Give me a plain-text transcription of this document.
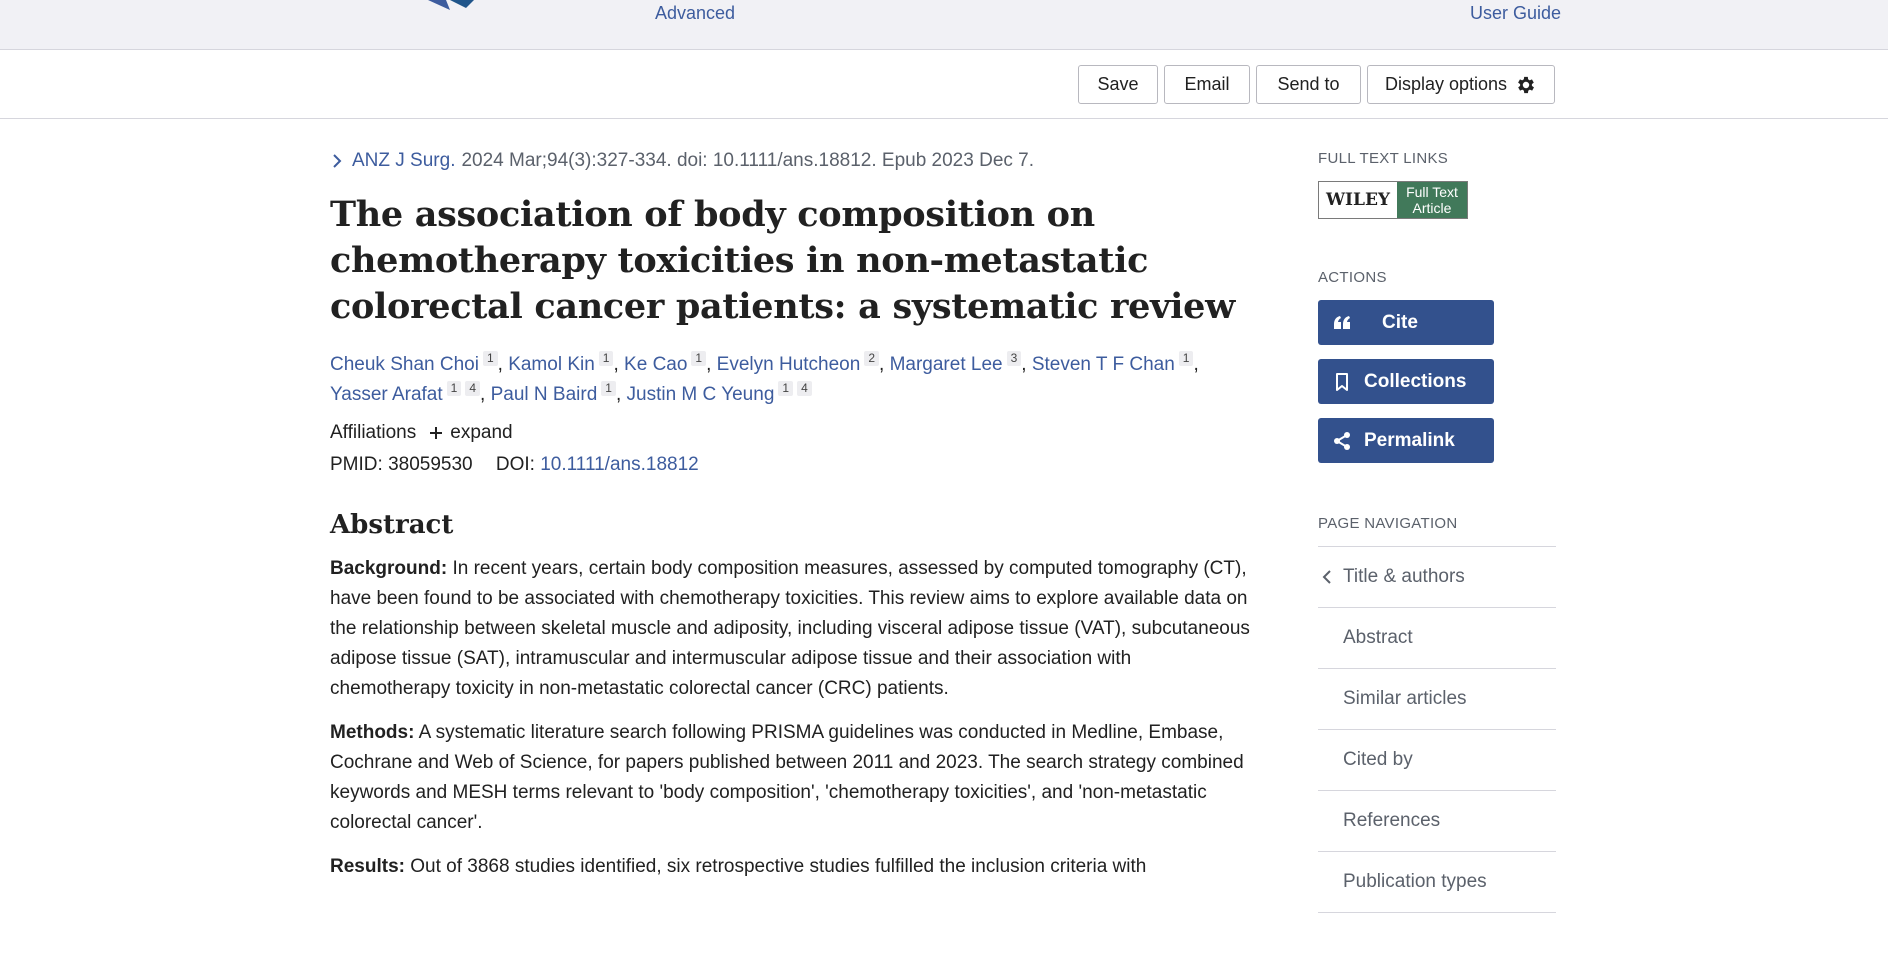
Advanced	User Guide
Save	Email	Send to	Display options
ANZ J Surg. 2024 Mar;94(3):327-334. doi: 10.1111/ans.18812. Epub 2023 Dec 7.
The association of body composition on chemotherapy toxicities in non-metastatic colorectal cancer patients: a systematic review
Cheuk Shan Choi 1 , Kamol Kin 1 , Ke Cao 1 , Evelyn Hutcheon 2 , Margaret Lee 3 , Steven T F Chan 1 ,
Yasser Arafat 1 4 , Paul N Baird 1 , Justin M C Yeung 1 4
Affiliations expand
PMID: 38059530 DOI: 10.1111/ans.18812
Abstract

Background: In recent years, certain body composition measures, assessed by computed tomography (CT), have been found to be associated with chemotherapy toxicities. This review aims to explore available data on the relationship between skeletal muscle and adiposity, including visceral adipose tissue (VAT), subcutaneous adipose tissue (SAT), intramuscular and intermuscular adipose tissue and their association with chemotherapy toxicity in non-metastatic colorectal cancer (CRC) patients.

Methods: A systematic literature search following PRISMA guidelines was conducted in Medline, Embase, Cochrane and Web of Science, for papers published between 2011 and 2023. The search strategy combined keywords and MESH terms relevant to 'body composition', 'chemotherapy toxicities', and 'non-metastatic colorectal cancer'.

Results: Out of 3868 studies identified, six retrospective studies fulfilled the inclusion criteria with

FULL TEXT LINKS
WILEY	Full Text
Article
ACTIONS
Cite
Collections
Permalink
PAGE NAVIGATION
Title & authors
Abstract
Similar articles
Cited by
References
Publication types
